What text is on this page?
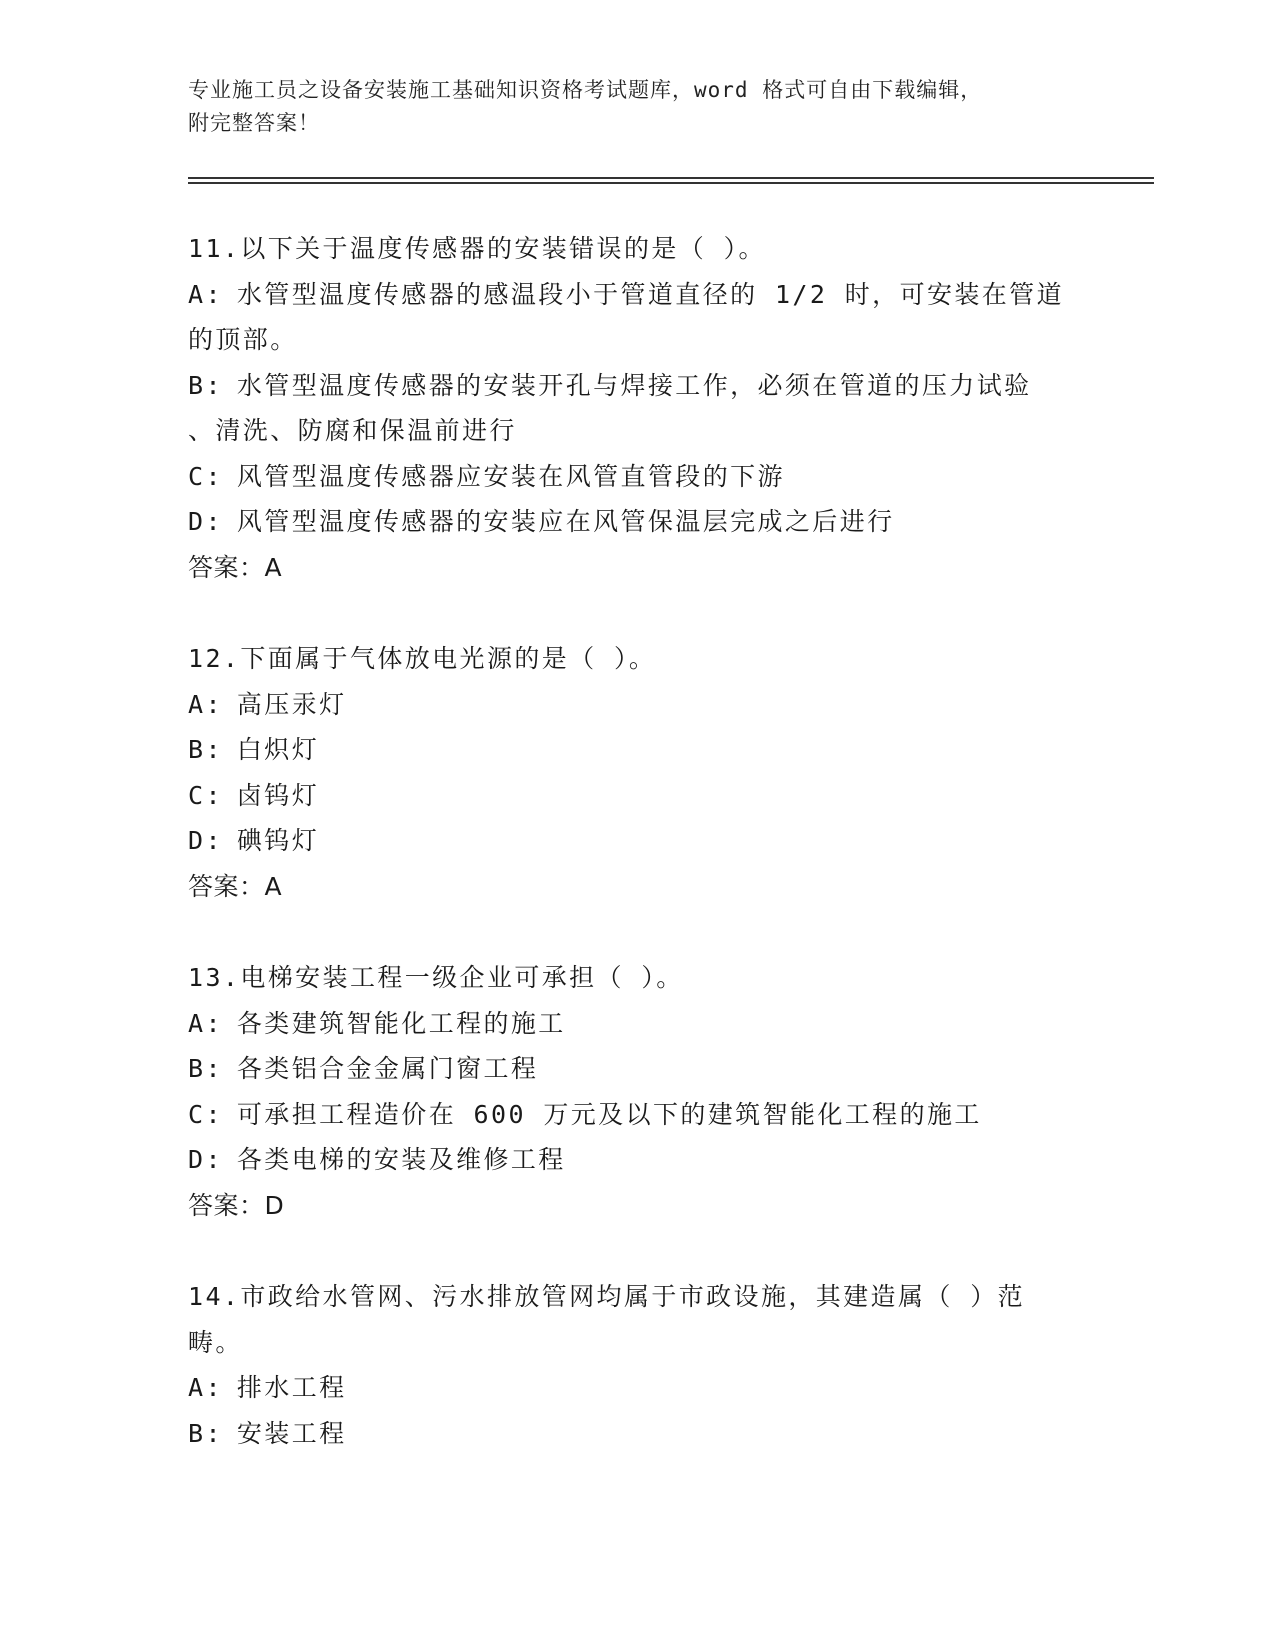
专业施工员之设备安装施工基础知识资格考试题库，word 格式可自由下载编辑，
附完整答案！
11.以下关于温度传感器的安装错误的是（ ）。
A: 水管型温度传感器的感温段小于管道直径的 1/2 时，可安装在管道
的顶部。
B: 水管型温度传感器的安装开孔与焊接工作，必须在管道的压力试验
、清洗、防腐和保温前进行
C: 风管型温度传感器应安装在风管直管段的下游
D: 风管型温度传感器的安装应在风管保温层完成之后进行
答案：A
12.下面属于气体放电光源的是（ ）。
A: 高压汞灯
B: 白炽灯
C: 卤钨灯
D: 碘钨灯
答案：A
13.电梯安装工程一级企业可承担（ ）。
A: 各类建筑智能化工程的施工
B: 各类铝合金金属门窗工程
C: 可承担工程造价在 600 万元及以下的建筑智能化工程的施工
D: 各类电梯的安装及维修工程
答案：D
14.市政给水管网、污水排放管网均属于市政设施，其建造属（ ）范
畴。
A: 排水工程
B: 安装工程
